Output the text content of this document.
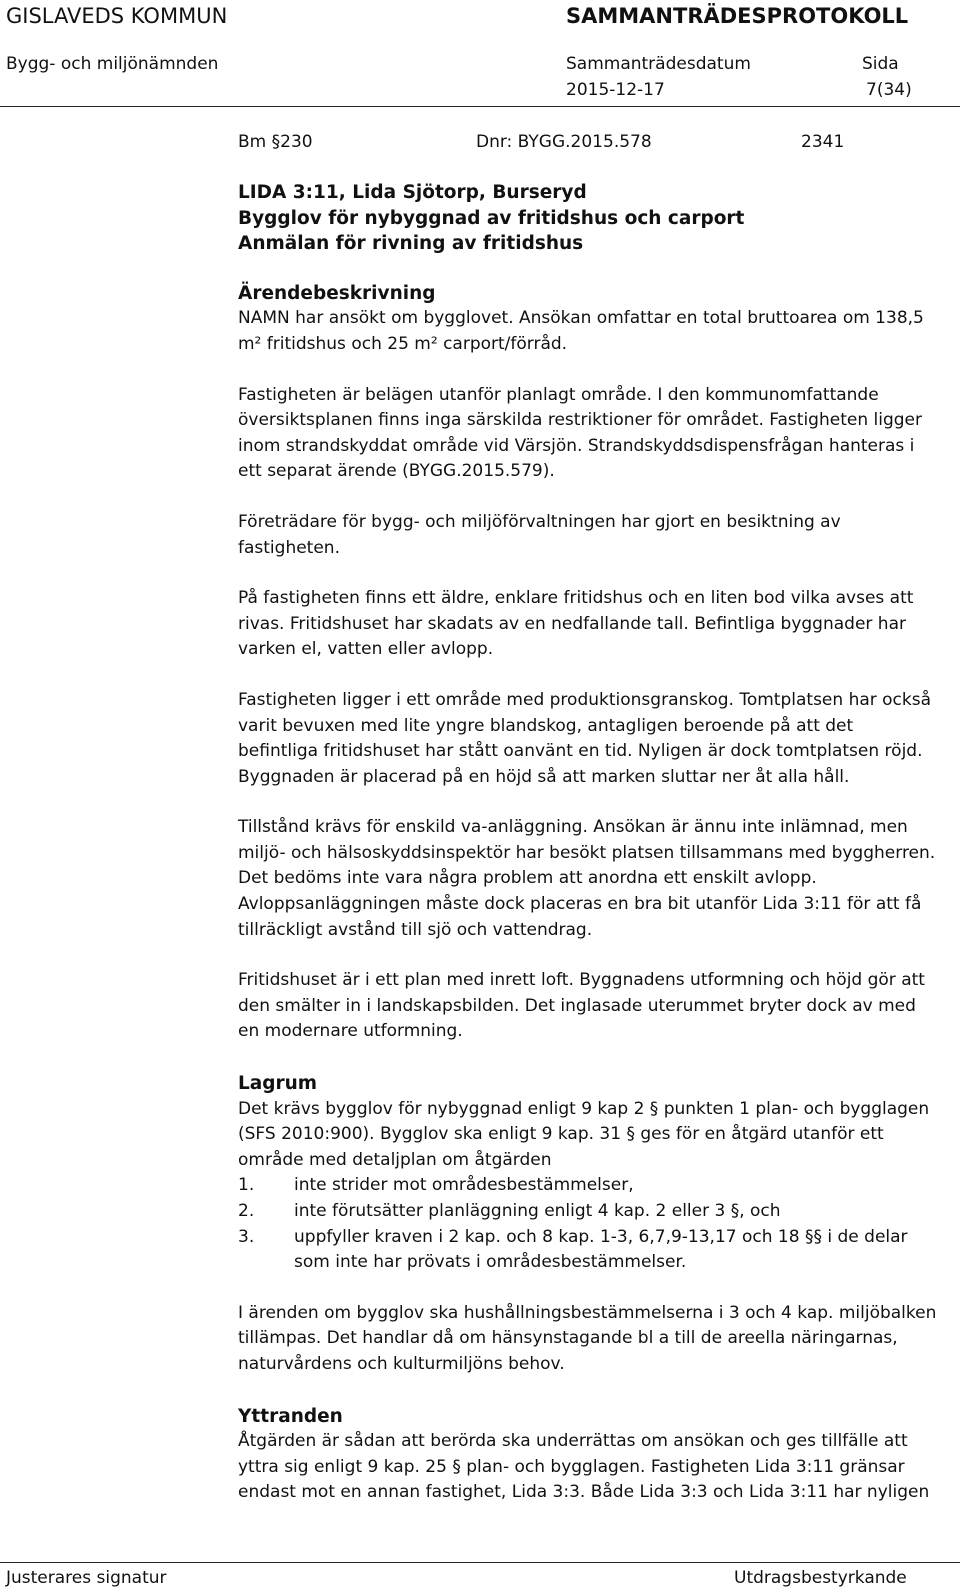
GISLAVEDS KOMMUN	SAMMANTRÄDESPROTOKOLL
Bygg- och miljönämnden	Sammanträdesdatum
2015-12-17
Sida
7(34)
Bm §230	Dnr: BYGG.2015.578	2341
LIDA 3:11, Lida Sjötorp, Burseryd
Bygglov för nybyggnad av fritidshus och carport
Anmälan för rivning av fritidshus
Ärendebeskrivning

NAMN har ansökt om bygglovet. Ansökan omfattar en total bruttoarea om 138,5 m² fritidshus och 25 m² carport/förråd.

Fastigheten är belägen utanför planlagt område. I den kommunomfattande översiktsplanen finns inga särskilda restriktioner för området. Fastigheten ligger inom strandskyddat område vid Värsjön. Strandskyddsdispensfrågan hanteras i ett separat ärende (BYGG.2015.579).

Företrädare för bygg- och miljöförvaltningen har gjort en besiktning av fastigheten.

På fastigheten finns ett äldre, enklare fritidshus och en liten bod vilka avses att rivas. Fritidshuset har skadats av en nedfallande tall. Befintliga byggnader har varken el, vatten eller avlopp.

Fastigheten ligger i ett område med produktionsgranskog. Tomtplatsen har också varit bevuxen med lite yngre blandskog, antagligen beroende på att det befintliga fritidshuset har stått oanvänt en tid. Nyligen är dock tomtplatsen röjd. Byggnaden är placerad på en höjd så att marken sluttar ner åt alla håll.

Tillstånd krävs för enskild va-anläggning. Ansökan är ännu inte inlämnad, men miljö- och hälsoskyddsinspektör har besökt platsen tillsammans med byggherren. Det bedöms inte vara några problem att anordna ett enskilt avlopp. Avloppsanläggningen måste dock placeras en bra bit utanför Lida 3:11 för att få tillräckligt avstånd till sjö och vattendrag.

Fritidshuset är i ett plan med inrett loft. Byggnadens utformning och höjd gör att den smälter in i landskapsbilden. Det inglasade uterummet bryter dock av med en modernare utformning.

Lagrum

Det krävs bygglov för nybyggnad enligt 9 kap 2 § punkten 1 plan- och bygglagen (SFS 2010:900). Bygglov ska enligt 9 kap. 31 § ges för en åtgärd utanför ett område med detaljplan om åtgärden

1. inte strider mot områdesbestämmelser,
2. inte förutsätter planläggning enligt 4 kap. 2 eller 3 §, och
3. uppfyller kraven i 2 kap. och 8 kap. 1-3, 6,7,9-13,17 och 18 §§ i de delar som inte har prövats i områdesbestämmelser.

I ärenden om bygglov ska hushållningsbestämmelserna i 3 och 4 kap. miljöbalken tillämpas. Det handlar då om hänsynstagande bl a till de areella näringarnas, naturvårdens och kulturmiljöns behov.

Yttranden

Åtgärden är sådan att berörda ska underrättas om ansökan och ges tillfälle att yttra sig enligt 9 kap. 25 § plan- och bygglagen. Fastigheten Lida 3:11 gränsar endast mot en annan fastighet, Lida 3:3. Både Lida 3:3 och Lida 3:11 har nyligen

Justerares signatur	Utdragsbestyrkande
